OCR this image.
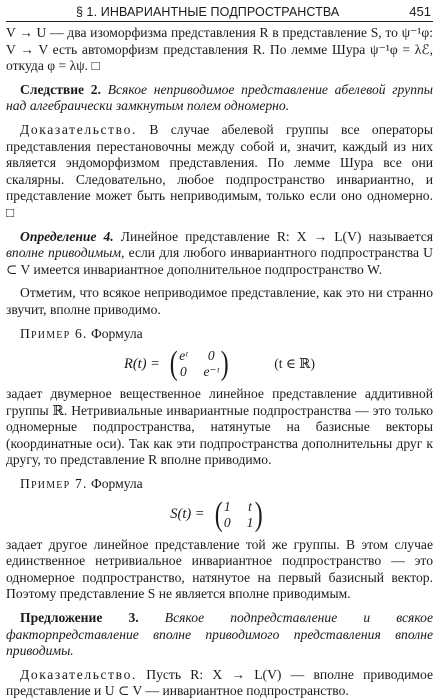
§ 1. ИНВАРИАНТНЫЕ ПОДПРОСТРАНСТВА	451

V → U — два изоморфизма представления R в представление S, то ψ⁻¹φ: V → V есть автоморфизм представления R. По лемме Шура ψ⁻¹φ = λℰ, откуда φ = λψ. □

Следствие 2. Всякое неприводимое представление абелевой группы над алгебраически замкнутым полем одномерно.

Доказательство. В случае абелевой группы все операторы представления перестановочны между собой и, значит, каждый из них является эндоморфизмом представления. По лемме Шура все они скалярны. Следовательно, любое подпространство инвариантно, и представление может быть неприводимым, только если оно одномерно. □

Определение 4. Линейное представление R: X → L(V) называется вполне приводимым, если для любого инвариантного подпространства U ⊂ V имеется инвариантное дополнительное подпространство W.

Отметим, что всякое неприводимое представление, как это ни странно звучит, вполне приводимо.

Пример 6. Формула

R(t) = ( eᵗ	0
0 e⁻ᵗ )	(t ∈ ℝ)

задает двумерное вещественное линейное представление аддитивной группы ℝ. Нетривиальные инвариантные подпространства — это только одномерные подпространства, натянутые на базисные векторы (координатные оси). Так как эти подпространства дополнительны друг к другу, то представление R вполне приводимо.

Пример 7. Формула

S(t) = ( 1 t
0 1 )

задает другое линейное представление той же группы. В этом случае единственное нетривиальное инвариантное подпространство — это одномерное подпространство, натянутое на первый базисный вектор. Поэтому представление S не является вполне приводимым.

Предложение 3. Всякое подпредставление и всякое факторпредставление вполне приводимого представления вполне приводимы.

Доказательство. Пусть R: X → L(V) — вполне приводимое представление и U ⊂ V — инвариантное подпространство.
